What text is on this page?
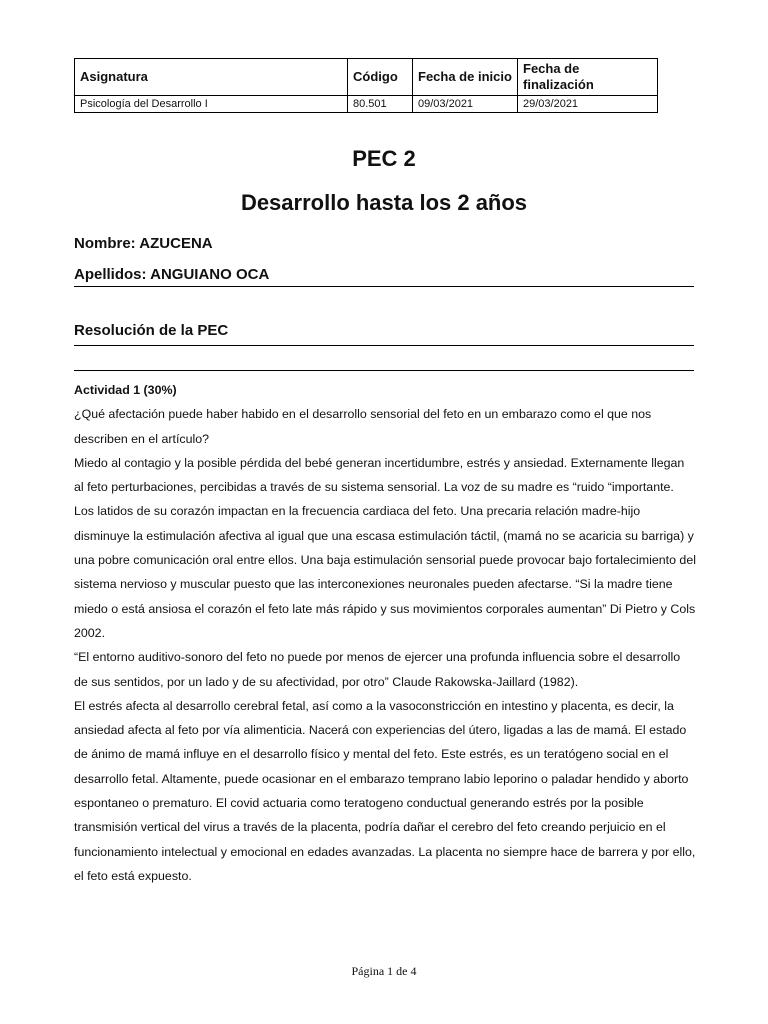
Asignatura	Código	Fecha de inicio	Fecha de finalización
Psicología del Desarrollo I	80.501	09/03/2021	29/03/2021
PEC 2
Desarrollo hasta los 2 años
Nombre: AZUCENA
Apellidos: ANGUIANO OCA
Resolución de la PEC

Actividad 1 (30%)

¿Qué afectación puede haber habido en el desarrollo sensorial del feto en un embarazo como el que nos describen en el artículo?

Miedo al contagio y la posible pérdida del bebé generan incertidumbre, estrés y ansiedad. Externamente llegan al feto perturbaciones, percibidas a través de su sistema sensorial. La voz de su madre es “ruido “importante. Los latidos de su corazón impactan en la frecuencia cardiaca del feto. Una precaria relación madre-hijo disminuye la estimulación afectiva al igual que una escasa estimulación táctil, (mamá no se acaricia su barriga) y una pobre comunicación oral entre ellos. Una baja estimulación sensorial puede provocar bajo fortalecimiento del sistema nervioso y muscular puesto que las interconexiones neuronales pueden afectarse. “Si la madre tiene miedo o está ansiosa el corazón el feto late más rápido y sus movimientos corporales aumentan” Di Pietro y Cols 2002.

“El entorno auditivo-sonoro del feto no puede por menos de ejercer una profunda influencia sobre el desarrollo de sus sentidos, por un lado y de su afectividad, por otro” Claude Rakowska-Jaillard (1982).

El estrés afecta al desarrollo cerebral fetal, así como a la vasoconstricción en intestino y placenta, es decir, la ansiedad afecta al feto por vía alimenticia. Nacerá con experiencias del útero, ligadas a las de mamá. El estado de ánimo de mamá influye en el desarrollo físico y mental del feto. Este estrés, es un teratógeno social en el desarrollo fetal. Altamente, puede ocasionar en el embarazo temprano labio leporino o paladar hendido y aborto espontaneo o prematuro. El covid actuaria como teratogeno conductual generando estrés por la posible transmisión vertical del virus a través de la placenta, podría dañar el cerebro del feto creando perjuicio en el funcionamiento intelectual y emocional en edades avanzadas. La placenta no siempre hace de barrera y por ello, el feto está expuesto.

Página 1 de 4
